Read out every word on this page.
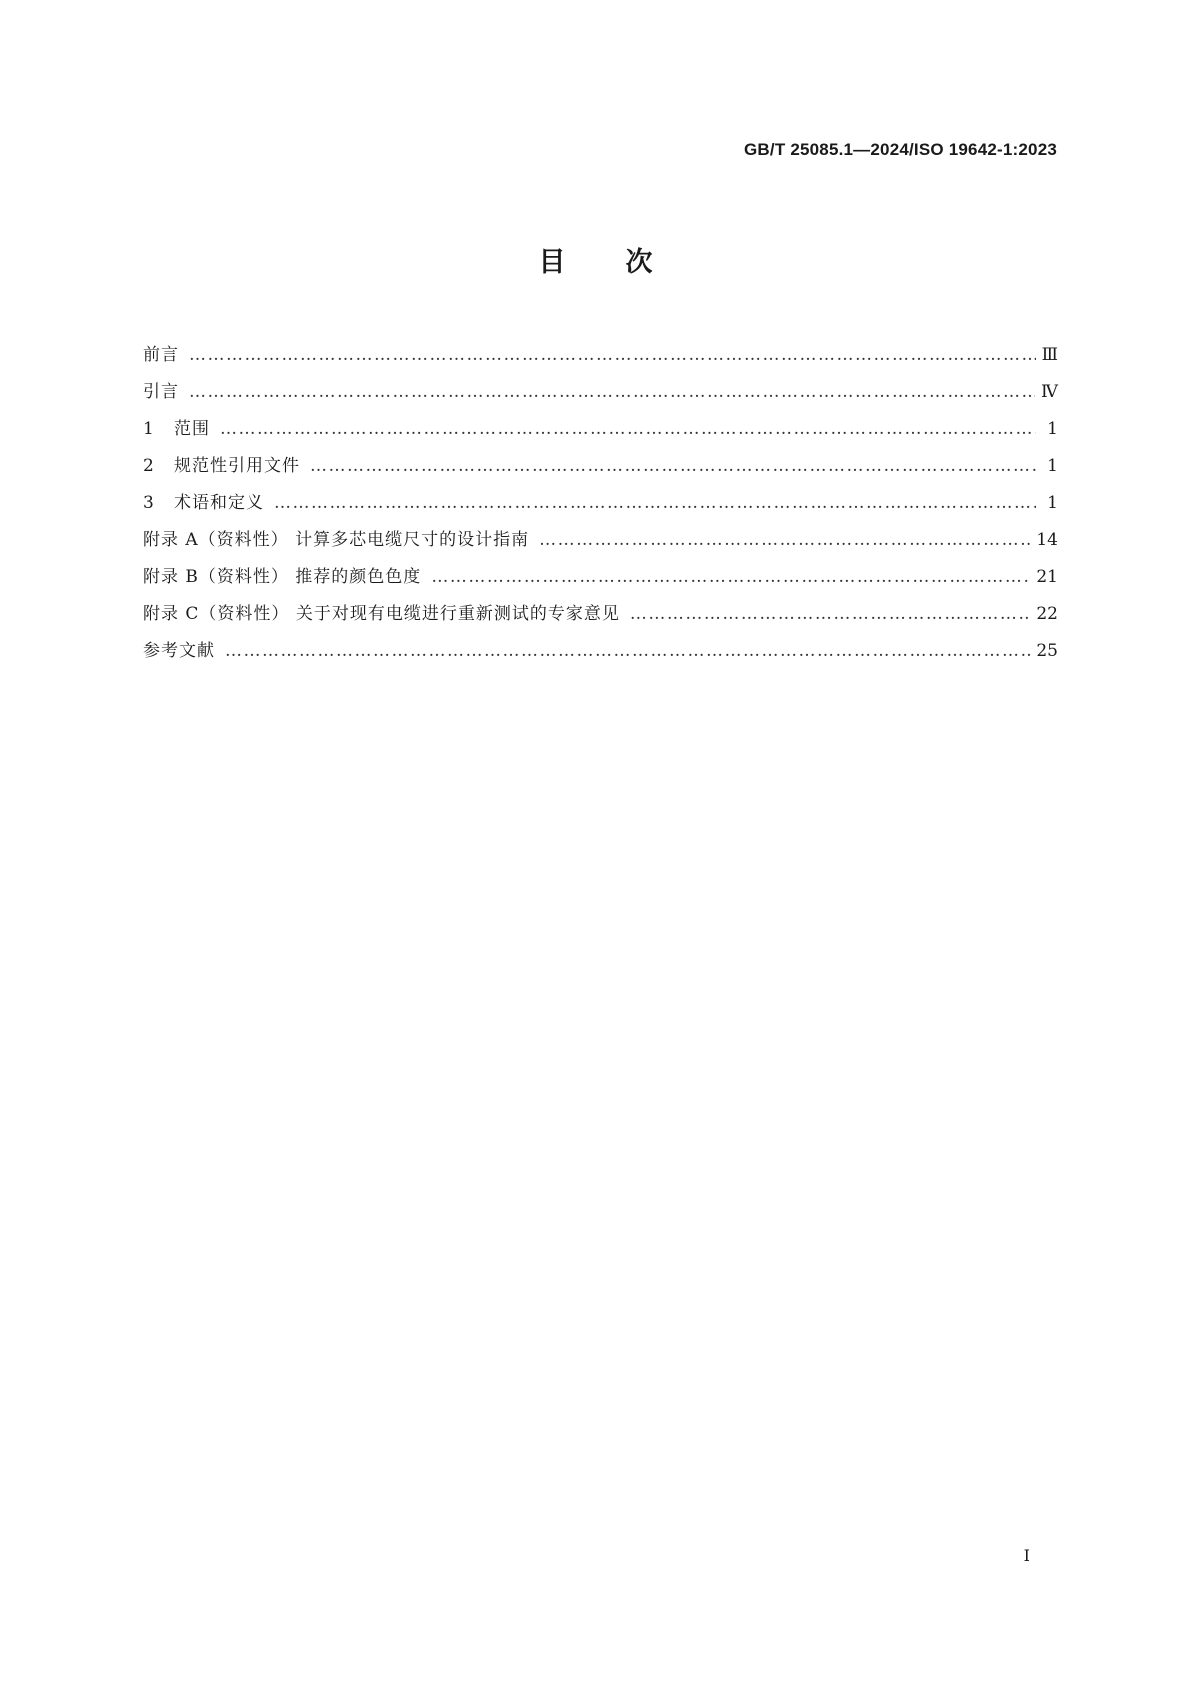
GB/T 25085.1—2024/ISO 19642-1:2023
目次
前言 ………………………………………………………………………………………………………………………………………………………………………………	Ⅲ
引言 ………………………………………………………………………………………………………………………………………………………………………………	Ⅳ
1 范围 ………………………………………………………………………………………………………………………………………………………………………………	1
2 规范性引用文件 ………………………………………………………………………………………………………………………………………………………………………………	1
3 术语和定义 ………………………………………………………………………………………………………………………………………………………………………………	1
附录 A（资料性） 计算多芯电缆尺寸的设计指南 ………………………………………………………………………………………………………………………………………………………………………………	14
附录 B（资料性） 推荐的颜色色度 ………………………………………………………………………………………………………………………………………………………………………………	21
附录 C（资料性） 关于对现有电缆进行重新测试的专家意见 ………………………………………………………………………………………………………………………………………………………………………………	22
参考文献 ………………………………………………………………………………………………………………………………………………………………………………	25
Ⅰ
